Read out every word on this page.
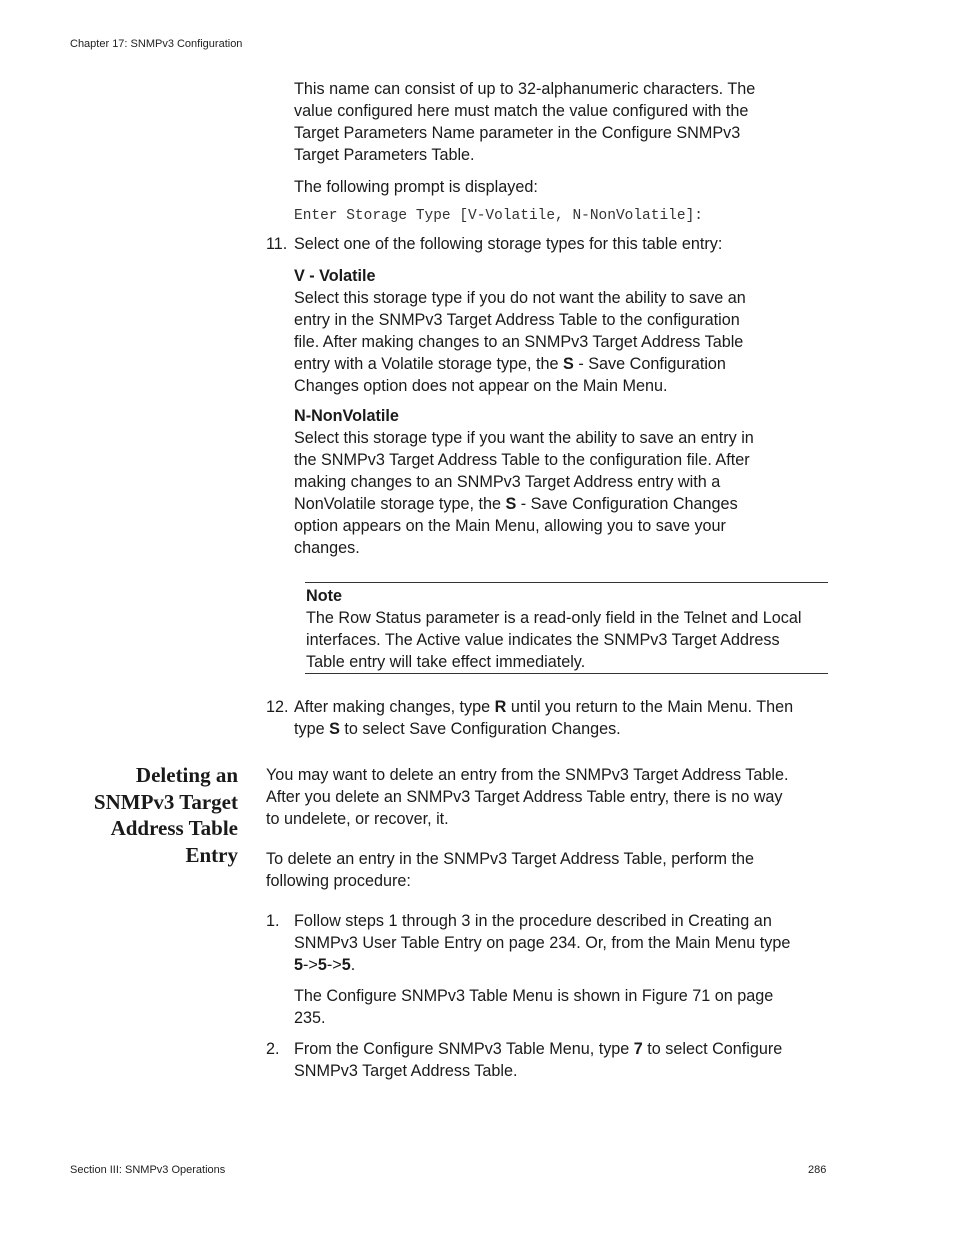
Chapter 17: SNMPv3 Configuration
This name can consist of up to 32-alphanumeric characters. The
value configured here must match the value configured with the
Target Parameters Name parameter in the Configure SNMPv3
Target Parameters Table.
The following prompt is displayed:
Enter Storage Type [V-Volatile, N-NonVolatile]:
11. Select one of the following storage types for this table entry:
V - Volatile
Select this storage type if you do not want the ability to save an
entry in the SNMPv3 Target Address Table to the configuration
file. After making changes to an SNMPv3 Target Address Table
entry with a Volatile storage type, the S - Save Configuration
Changes option does not appear on the Main Menu.
N-NonVolatile
Select this storage type if you want the ability to save an entry in
the SNMPv3 Target Address Table to the configuration file. After
making changes to an SNMPv3 Target Address entry with a
NonVolatile storage type, the S - Save Configuration Changes
option appears on the Main Menu, allowing you to save your
changes.
Note
The Row Status parameter is a read-only field in the Telnet and Local
interfaces. The Active value indicates the SNMPv3 Target Address
Table entry will take effect immediately.
12. After making changes, type R until you return to the Main Menu. Then
type S to select Save Configuration Changes.
Deleting an
SNMPv3 Target
Address Table
Entry
You may want to delete an entry from the SNMPv3 Target Address Table.
After you delete an SNMPv3 Target Address Table entry, there is no way
to undelete, or recover, it.
To delete an entry in the SNMPv3 Target Address Table, perform the
following procedure:
1. Follow steps 1 through 3 in the procedure described in Creating an
SNMPv3 User Table Entry on page 234. Or, from the Main Menu type
5->5->5.
The Configure SNMPv3 Table Menu is shown in Figure 71 on page
235.
2. From the Configure SNMPv3 Table Menu, type 7 to select Configure
SNMPv3 Target Address Table.
Section III: SNMPv3 Operations	286
